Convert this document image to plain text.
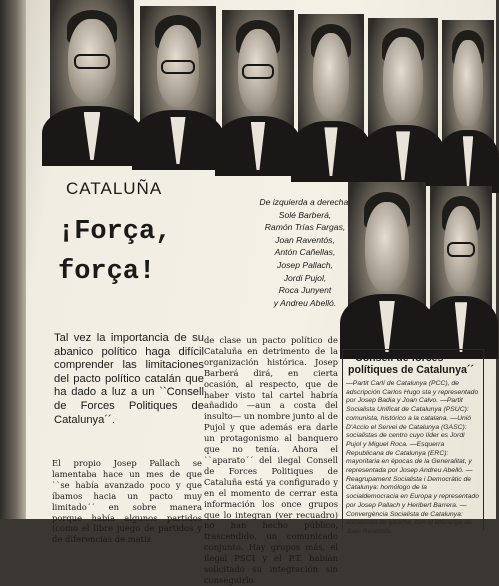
CATALUÑA
¡Força,
força!
De izquierda a derecha,
Solé Barberá,
Ramón Trías Fargas,
Joan Raventós,
Antón Cañellas,
Josep Pallach,
Jordi Pujol,
Roca Junyent
y Andreu Abelló.
Tal vez la importancia de su abanico político haga difícil comprender las limitaciones del pacto político catalán que ha dado a luz a un ``Consell de Forces Politiques de Catalunya´´.
El propio Josep Pallach se lamentaba hace un mes de que ``se había avanzado poco y que íbamos hacia un pacto muy limitado´´ en sobre manera porque había algunos partidos (como el libre juego de partidos y de diferencias de matiz
de clase un pacto político de Cataluña en detrimento de la organización histórica. Josep Barberá dirá, en cierta ocasión, al respecto, que de haber visto tal cartel habría añadido —aun a costa del insulto— un nombre junto al de Pujol y que además era darle un protagonismo al banquero que no tenía. Ahora el ``aparato´´ del ilegal Consell de Forces Politiques de Cataluña está ya configurado y en el momento de cerrar esta información los once grupos que lo integran (ver recuadro) no han hecho público, trascendido, un comunicado conjunto. Hay grupos más, el ilegal PSCI y el P.T. habían solicitado su integración sin conseguirlo
``Consell de forces polítiques de Catalunya´´
—Partit Carlí de Catalunya (PCC), de adscripción Carlos Hugo sta y representado por Josep Badia y Joan Calvo. —Partit Socialista Unificat de Catalunya (PSUC): comunista, histórico a la catalana. —Unió D'Accio el Servei de Catalunya (GASC): socialistas de centro cuyo líder es Jordi Pujol y Miguel Roca. —Esquerra Republicana de Catalunya (ERC): mayoritaria en épocas de la Generalitat, y representada por Josep Andreu Abelló. —Reagrupament Socialista i Democràtic de Catalunya: homólogo de la socialdemocracia en Europa y representado por Josep Pallach y Heribert Barrera. —Convergència Socialista de Catalunya: socialistas de gauche, con el liderazgo de Joan Raventós.
